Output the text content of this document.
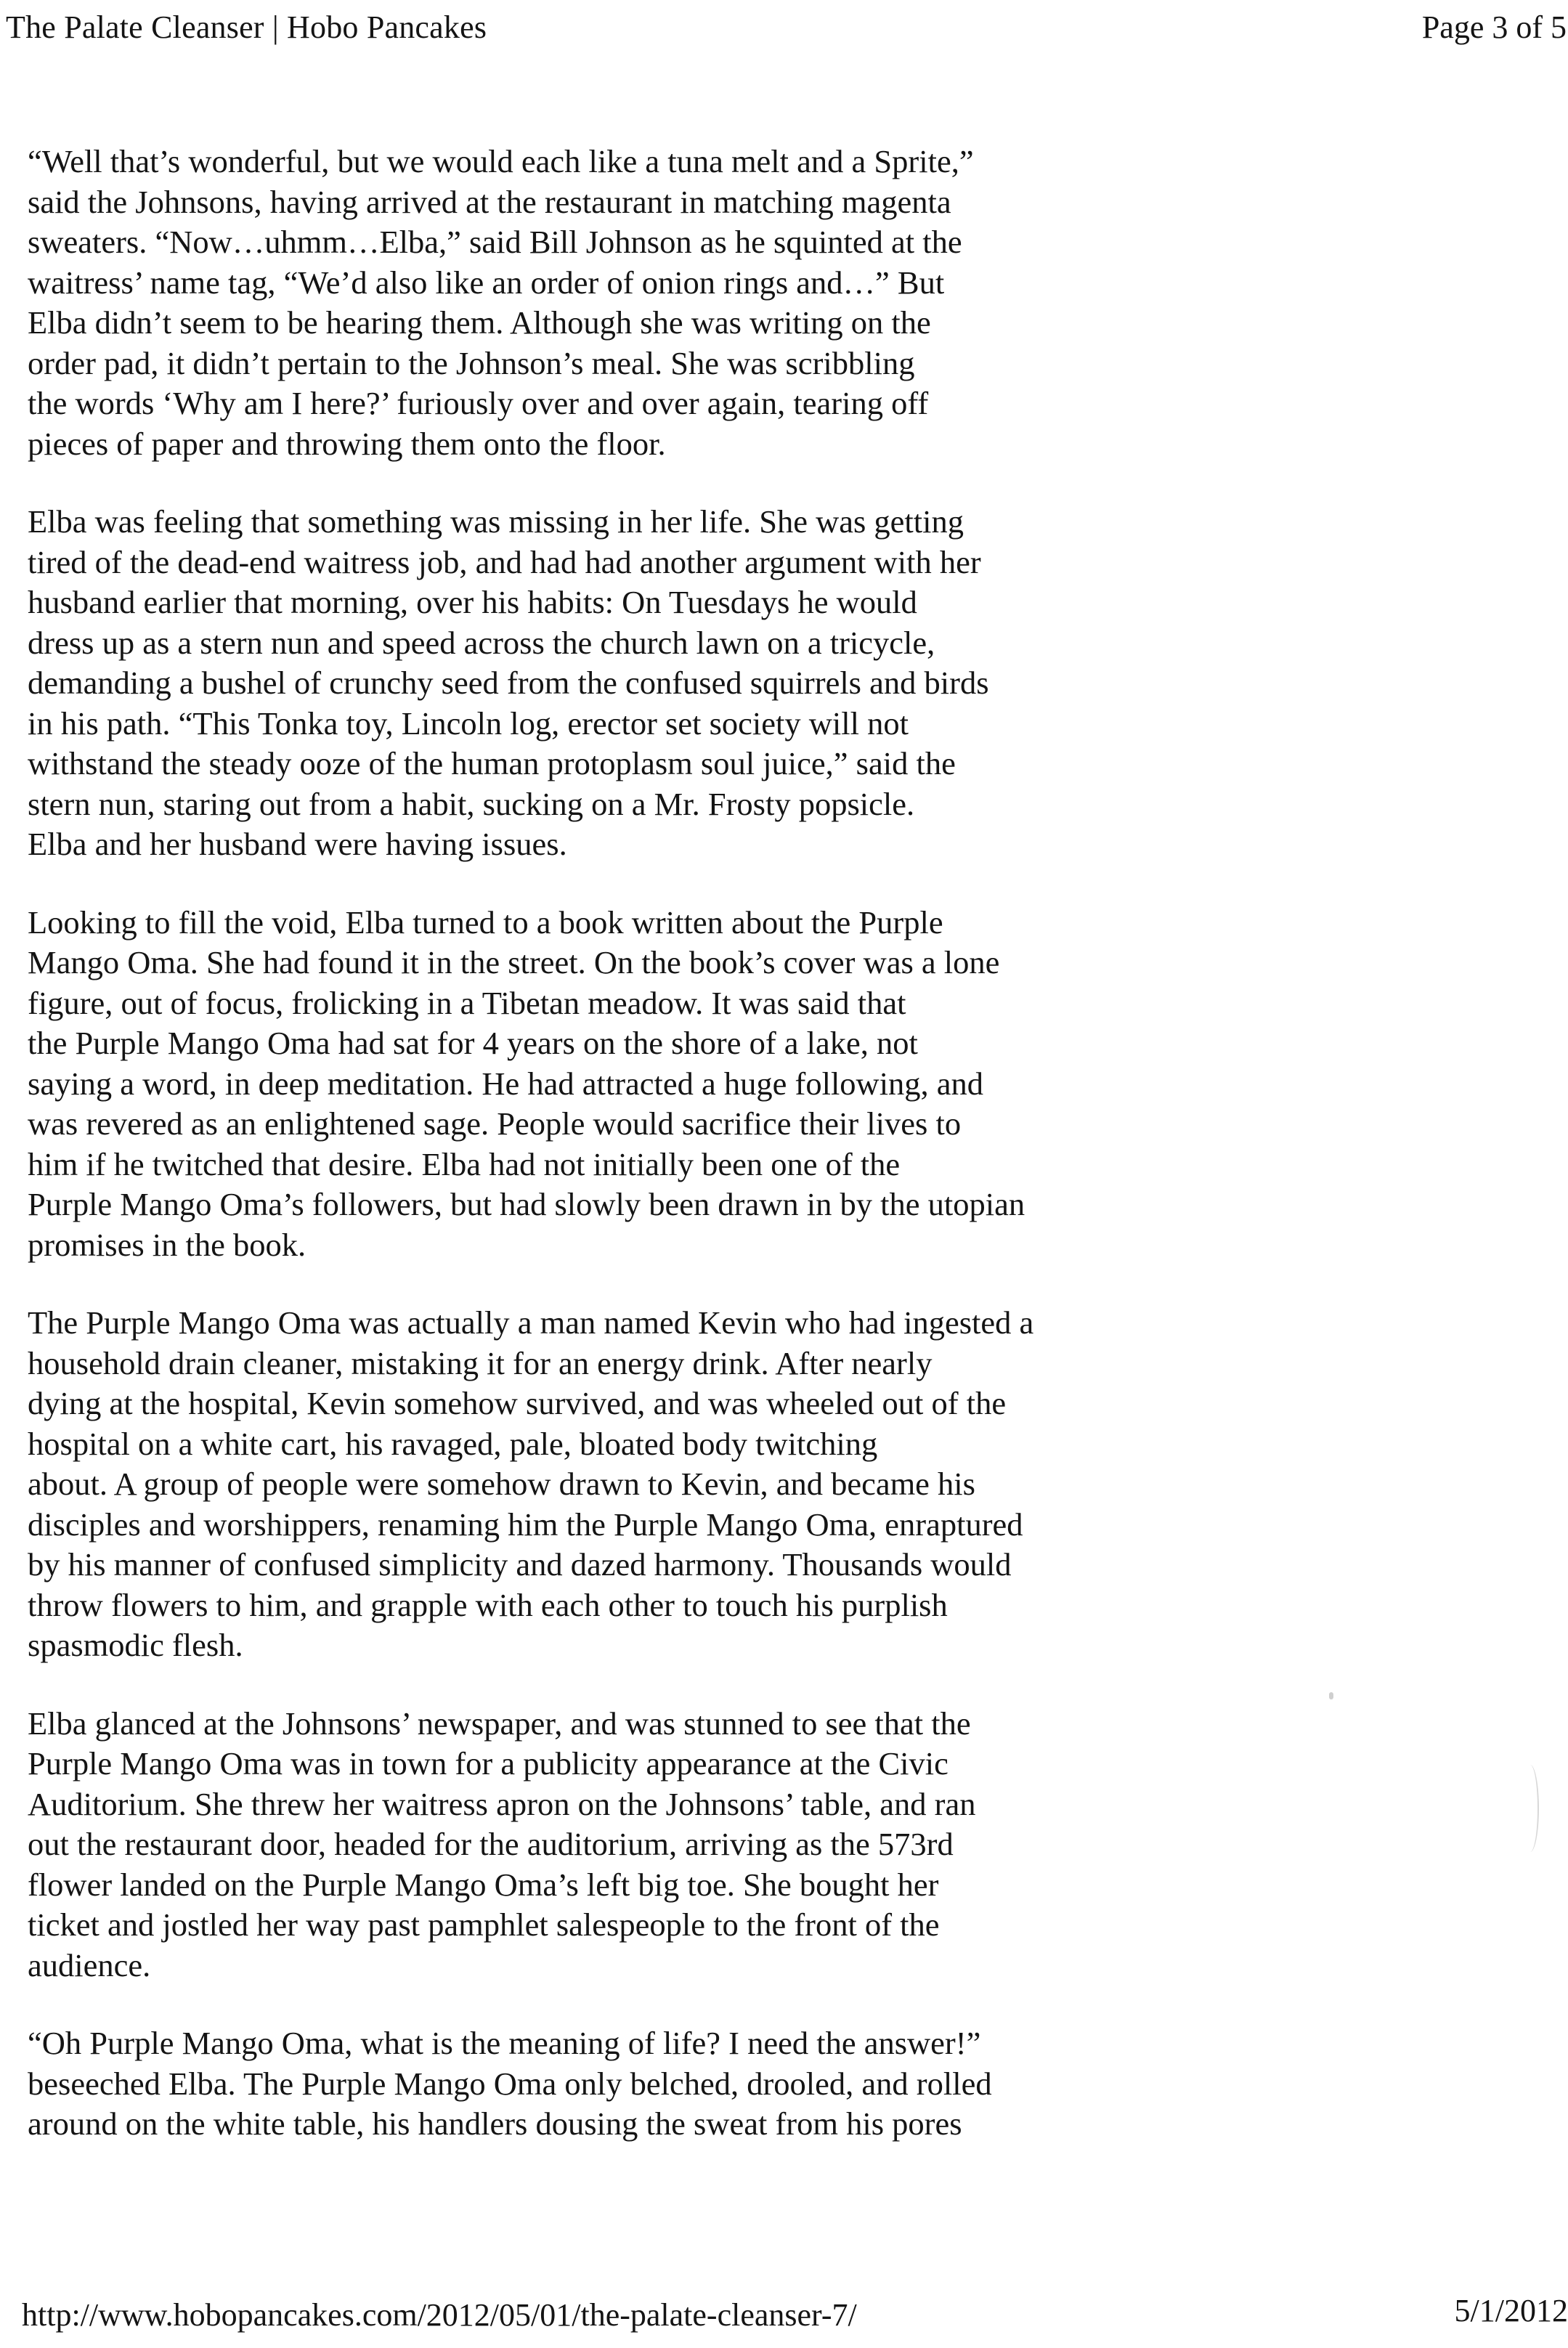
The Palate Cleanser | Hobo Pancakes	Page 3 of 5
“Well that’s wonderful, but we would each like a tuna melt and a Sprite,”
said the Johnsons, having arrived at the restaurant in matching magenta
sweaters. “Now…uhmm…Elba,” said Bill Johnson as he squinted at the
waitress’ name tag, “We’d also like an order of onion rings and…” But
Elba didn’t seem to be hearing them. Although she was writing on the
order pad, it didn’t pertain to the Johnson’s meal. She was scribbling
the words ‘Why am I here?’ furiously over and over again, tearing off
pieces of paper and throwing them onto the floor.
Elba was feeling that something was missing in her life. She was getting
tired of the dead-end waitress job, and had had another argument with her
husband earlier that morning, over his habits: On Tuesdays he would
dress up as a stern nun and speed across the church lawn on a tricycle,
demanding a bushel of crunchy seed from the confused squirrels and birds
in his path. “This Tonka toy, Lincoln log, erector set society will not
withstand the steady ooze of the human protoplasm soul juice,” said the
stern nun, staring out from a habit, sucking on a Mr. Frosty popsicle.
Elba and her husband were having issues.
Looking to fill the void, Elba turned to a book written about the Purple
Mango Oma. She had found it in the street. On the book’s cover was a lone
figure, out of focus, frolicking in a Tibetan meadow. It was said that
the Purple Mango Oma had sat for 4 years on the shore of a lake, not
saying a word, in deep meditation. He had attracted a huge following, and
was revered as an enlightened sage. People would sacrifice their lives to
him if he twitched that desire. Elba had not initially been one of the
Purple Mango Oma’s followers, but had slowly been drawn in by the utopian
promises in the book.
The Purple Mango Oma was actually a man named Kevin who had ingested a
household drain cleaner, mistaking it for an energy drink. After nearly
dying at the hospital, Kevin somehow survived, and was wheeled out of the
hospital on a white cart, his ravaged, pale, bloated body twitching
about. A group of people were somehow drawn to Kevin, and became his
disciples and worshippers, renaming him the Purple Mango Oma, enraptured
by his manner of confused simplicity and dazed harmony. Thousands would
throw flowers to him, and grapple with each other to touch his purplish
spasmodic flesh.
Elba glanced at the Johnsons’ newspaper, and was stunned to see that the
Purple Mango Oma was in town for a publicity appearance at the Civic
Auditorium. She threw her waitress apron on the Johnsons’ table, and ran
out the restaurant door, headed for the auditorium, arriving as the 573rd
flower landed on the Purple Mango Oma’s left big toe. She bought her
ticket and jostled her way past pamphlet salespeople to the front of the
audience.
“Oh Purple Mango Oma, what is the meaning of life? I need the answer!”
beseeched Elba. The Purple Mango Oma only belched, drooled, and rolled
around on the white table, his handlers dousing the sweat from his pores
http://www.hobopancakes.com/2012/05/01/the-palate-cleanser-7/	5/1/2012
